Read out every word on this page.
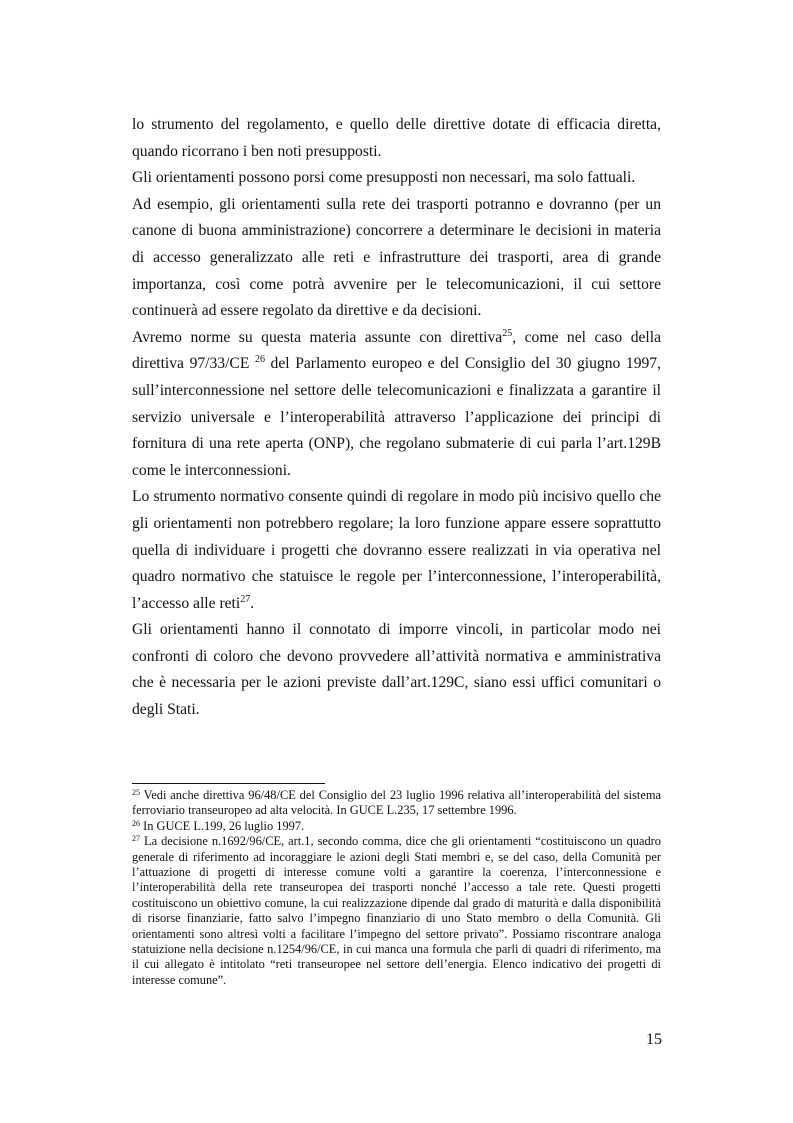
lo strumento del regolamento, e quello delle direttive dotate di efficacia diretta, quando ricorrano i ben noti presupposti.

Gli orientamenti possono porsi come presupposti non necessari, ma solo fattuali.

Ad esempio, gli orientamenti sulla rete dei trasporti potranno e dovranno (per un canone di buona amministrazione) concorrere a determinare le decisioni in materia di accesso generalizzato alle reti e infrastrutture dei trasporti, area di grande importanza, così come potrà avvenire per le telecomunicazioni, il cui settore continuerà ad essere regolato da direttive e da decisioni.

Avremo norme su questa materia assunte con direttiva$^{25}$, come nel caso della direttiva 97/33/CE $^{26}$ del Parlamento europeo e del Consiglio del 30 giugno 1997, sull’interconnessione nel settore delle telecomunicazioni e finalizzata a garantire il servizio universale e l’interoperabilità attraverso l’applicazione dei principi di fornitura di una rete aperta (ONP), che regolano submaterie di cui parla l’art.129B come le interconnessioni.

Lo strumento normativo consente quindi di regolare in modo più incisivo quello che gli orientamenti non potrebbero regolare; la loro funzione appare essere soprattutto quella di individuare i progetti che dovranno essere realizzati in via operativa nel quadro normativo che statuisce le regole per l’interconnessione, l’interoperabilità, l’accesso alle reti$^{27}$.

Gli orientamenti hanno il connotato di imporre vincoli, in particolar modo nei confronti di coloro che devono provvedere all’attività normativa e amministrativa che è necessaria per le azioni previste dall’art.129C, siano essi uffici comunitari o degli Stati.

$^{25}$ Vedi anche direttiva 96/48/CE del Consiglio del 23 luglio 1996 relativa all’interoperabilità del sistema ferroviario transeuropeo ad alta velocità. In GUCE L.235, 17 settembre 1996.

$^{26}$ In GUCE L.199, 26 luglio 1997.

$^{27}$ La decisione n.1692/96/CE, art.1, secondo comma, dice che gli orientamenti “costituiscono un quadro generale di riferimento ad incoraggiare le azioni degli Stati membri e, se del caso, della Comunità per l’attuazione di progetti di interesse comune volti a garantire la coerenza, l’interconnessione e l’interoperabilità della rete transeuropea dei trasporti nonché l’accesso a tale rete. Questi progetti costituiscono un obiettivo comune, la cui realizzazione dipende dal grado di maturità e dalla disponibilità di risorse finanziarie, fatto salvo l’impegno finanziario di uno Stato membro o della Comunità. Gli orientamenti sono altresì volti a facilitare l’impegno del settore privato”. Possiamo riscontrare analoga statuizione nella decisione n.1254/96/CE, in cui manca una formula che parli di quadri di riferimento, ma il cui allegato è intitolato “reti transeuropee nel settore dell’energia. Elenco indicativo dei progetti di interesse comune”.

15
